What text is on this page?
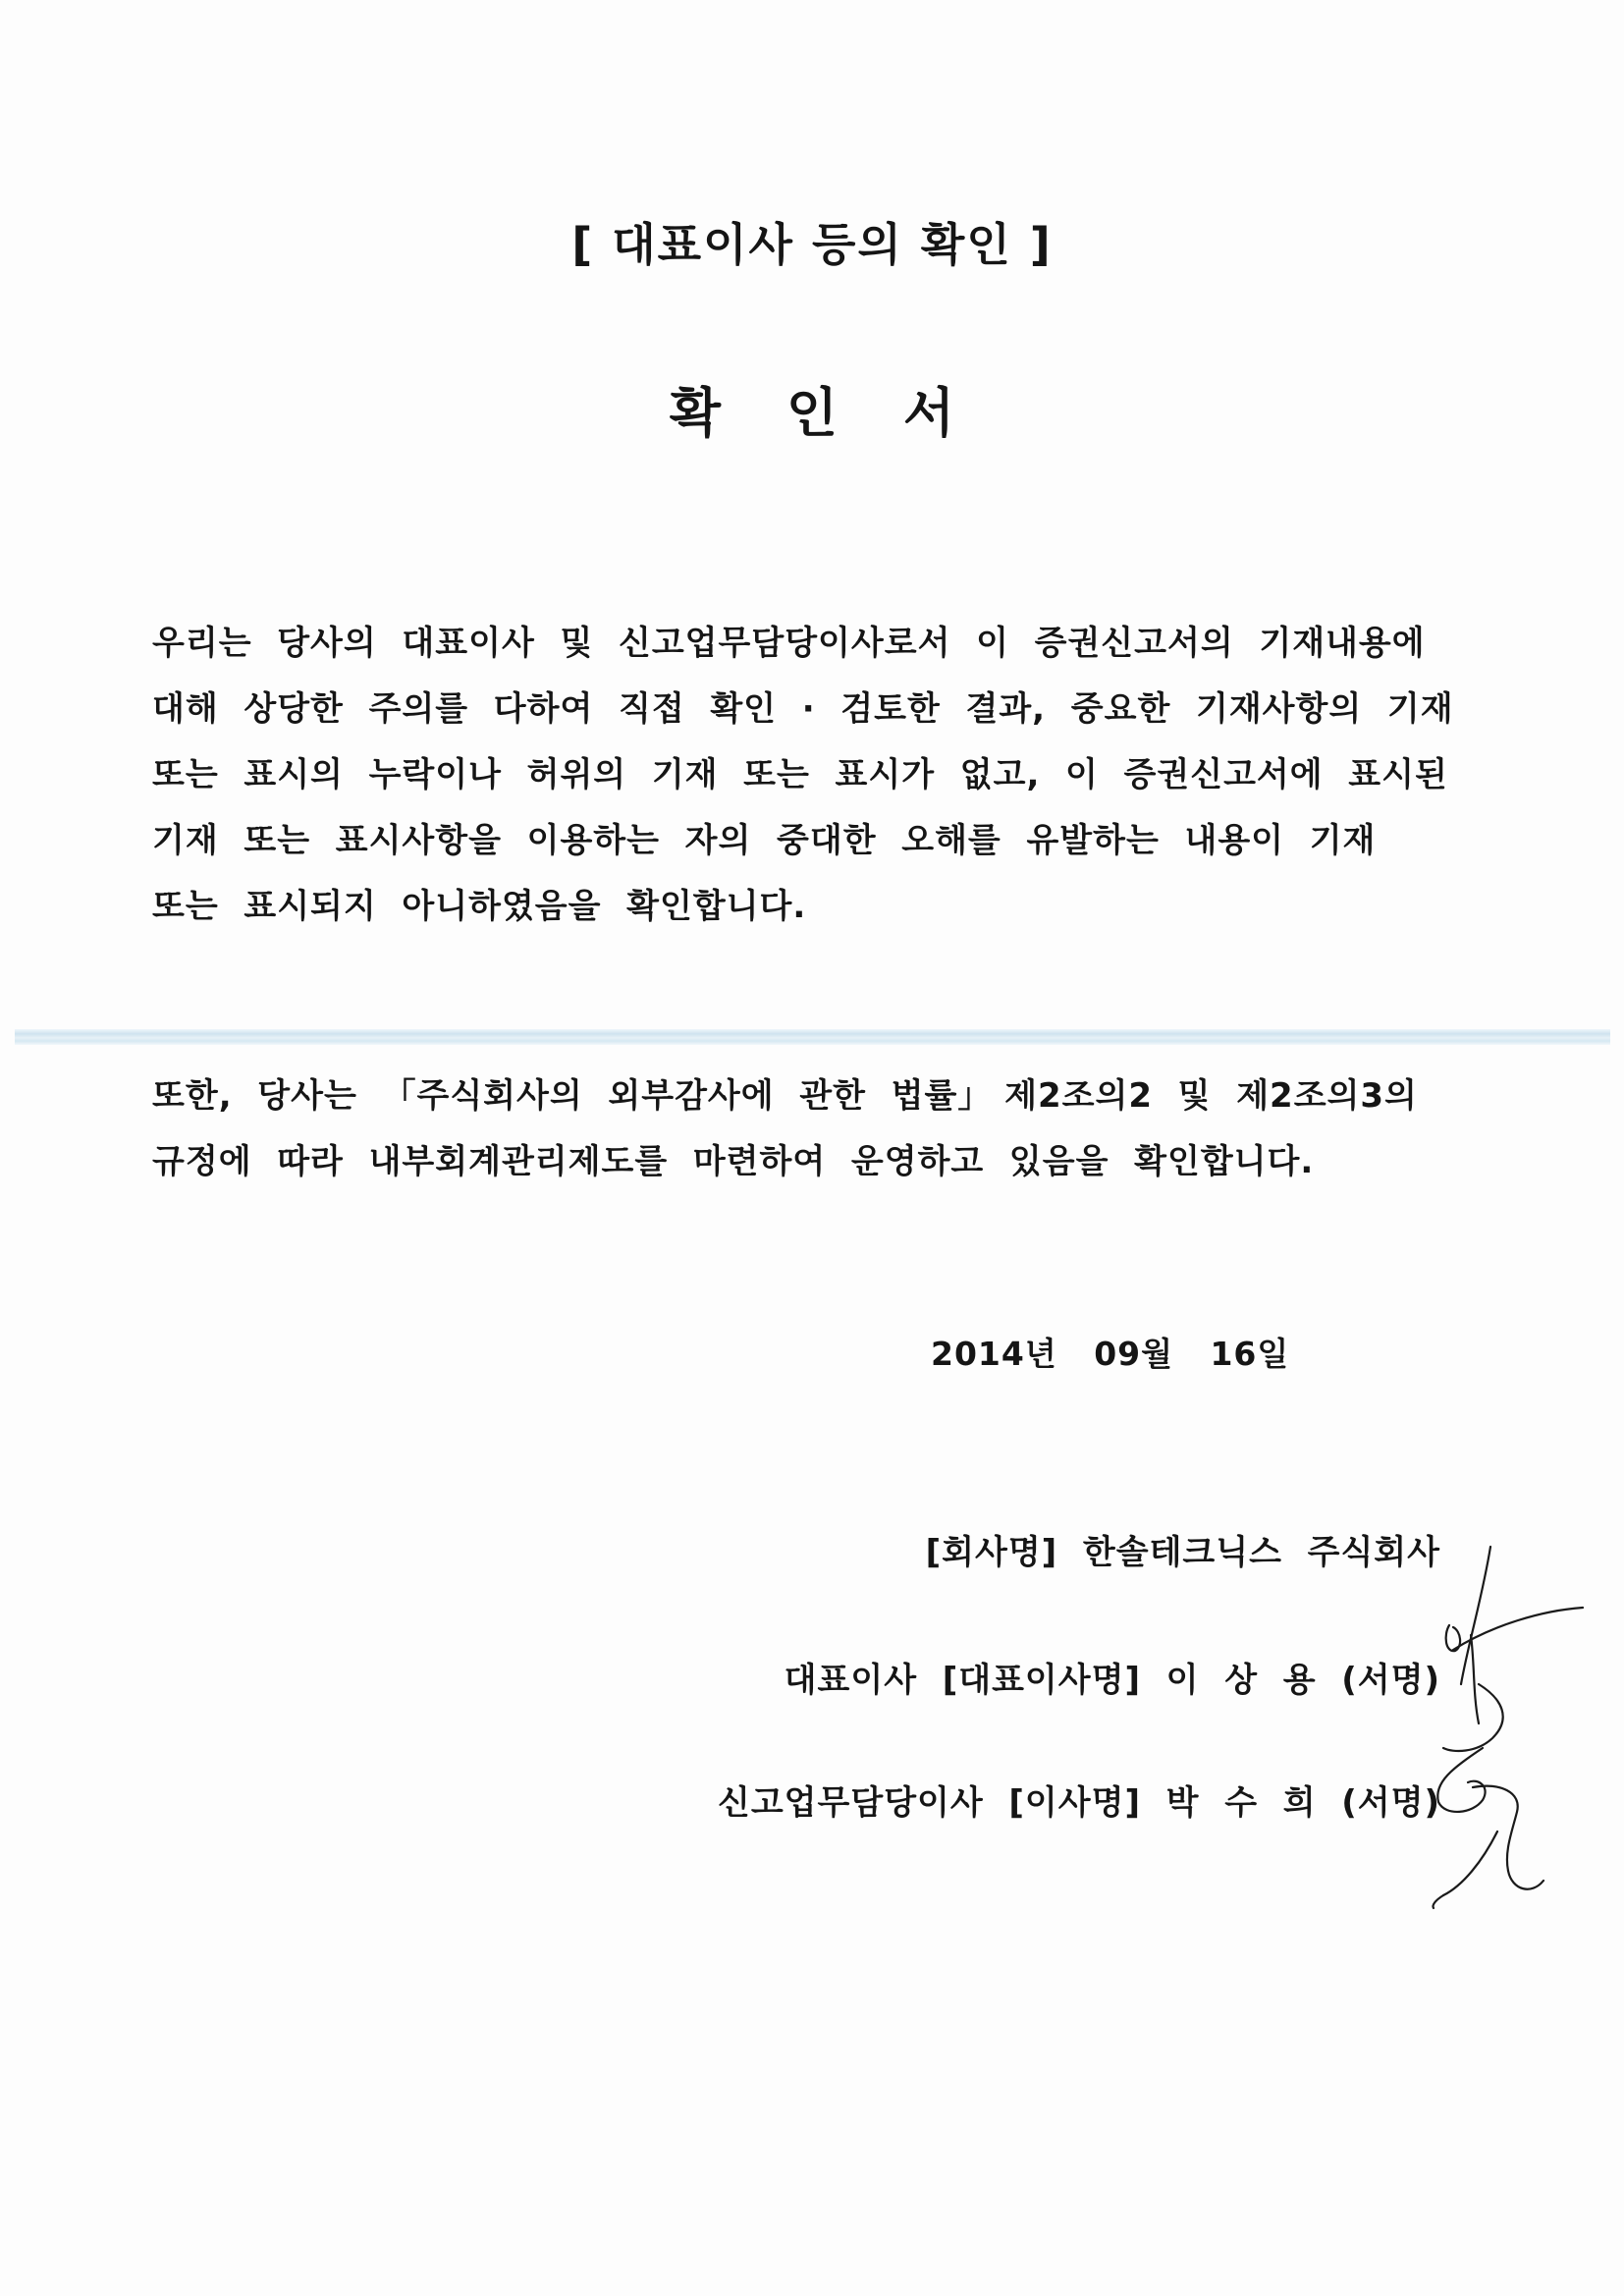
[ 대표이사 등의 확인 ]
확 인 서
우리는  당사의  대표이사  및  신고업무담당이사로서  이  증권신고서의  기재내용에
대해  상당한  주의를  다하여  직접  확인  ·  검토한  결과,  중요한  기재사항의  기재
또는  표시의  누락이나  허위의  기재  또는  표시가  없고,  이  증권신고서에  표시된
기재  또는  표시사항을  이용하는  자의  중대한  오해를  유발하는  내용이  기재
또는  표시되지  아니하였음을  확인합니다.
또한,  당사는  「주식회사의  외부감사에  관한  법률」 제2조의2  및  제2조의3의
규정에  따라  내부회계관리제도를  마련하여  운영하고  있음을  확인합니다.
2014년   09월   16일
[회사명]  한솔테크닉스  주식회사
대표이사  [대표이사명]  이  상  용  (서명)
신고업무담당이사  [이사명]  박  수  희  (서명)
